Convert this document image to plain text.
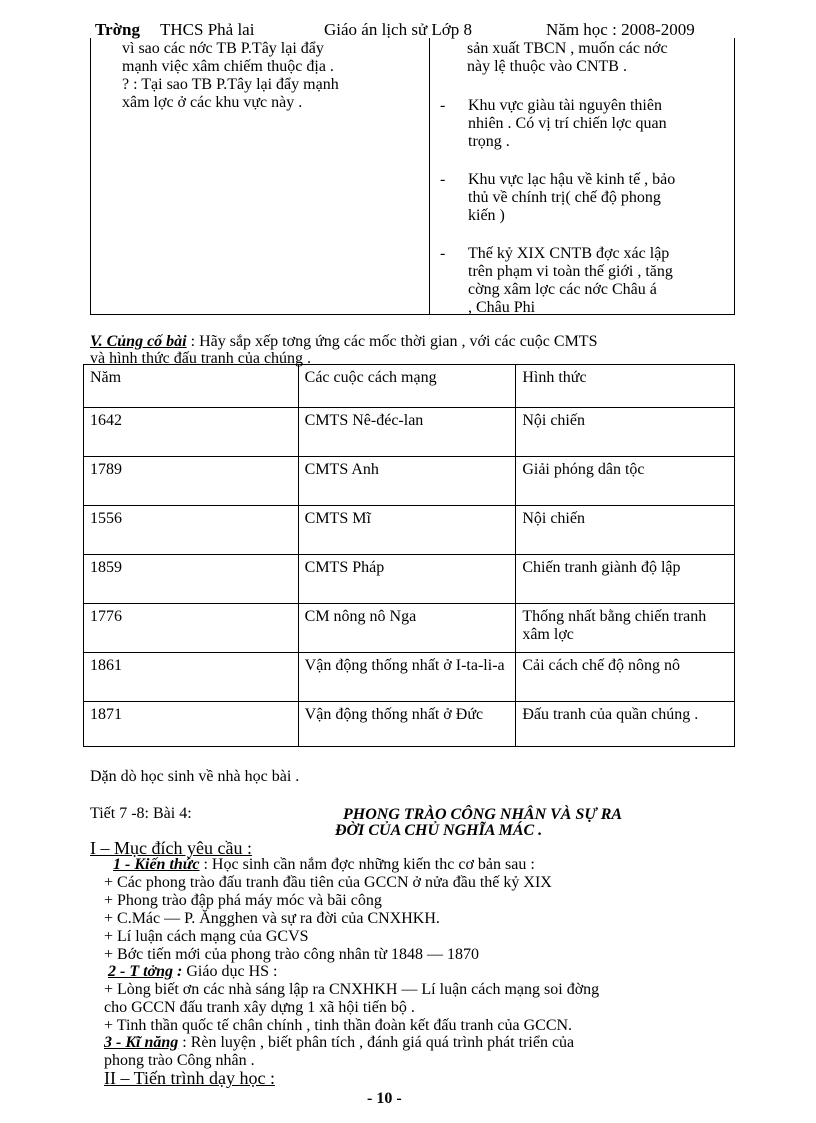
Trờng THCS Phả lai	Giáo án lịch sử Lớp 8	Năm học : 2008-2009
vì sao các nớc TB P.Tây lại đẩy
mạnh việc xâm chiếm thuộc địa .
? : Tại sao TB P.Tây lại đẩy mạnh
xâm lợc ở các khu vực này .
sản xuất TBCN , muốn các nớc
này lệ thuộc vào CNTB .
- Khu vực giàu tài nguyên thiên
nhiên . Có vị trí chiến lợc quan
trọng .
- Khu vực lạc hậu về kinh tế , bảo
thủ về chính trị( chế độ phong
kiến )
- Thế kỷ XIX CNTB đợc xác lập
trên phạm vi toàn thế giới , tăng
cờng xâm lợc các nớc Châu á
, Châu Phi
V. Củng cố bài : Hãy sắp xếp tơng ứng các mốc thời gian , với các cuộc CMTS
và hình thức đấu tranh của chúng .
Năm	Các cuộc cách mạng	Hình thức
1642	CMTS Nê-đéc-lan	Nội chiến
1789	CMTS Anh	Giải phóng dân tộc
1556	CMTS Mĩ	Nội chiến
1859	CMTS Pháp	Chiến tranh giành độ lập
1776	CM nông nô Nga	Thống nhất bằng chiến tranh xâm lợc
1861	Vận động thống nhất ở I-ta-li-a	Cải cách chế độ nông nô
1871	Vận động thống nhất ở Đức	Đấu tranh của quần chúng .
Dặn dò học sinh về nhà học bài .
Tiết 7 -8: Bài 4:	PHONG TRÀO CÔNG NHÂN VÀ SỰ RA
ĐỜI CỦA CHỦ NGHĨA MÁC .
I – Mục đích yêu cầu :
1 - Kiến thức : Học sinh cần nắm đợc những kiến thc cơ bản sau :
+ Các phong trào đấu tranh đầu tiên của GCCN ở nửa đầu thế kỷ XIX
+ Phong trào đập phá máy móc và bãi công
+ C.Mác — P. Ăngghen và sự ra đời của CNXHKH.
+ Lí luận cách mạng của GCVS
+ Bớc tiến mới của phong trào công nhân từ 1848 — 1870
2 - T tởng : Giáo dục HS :
+ Lòng biết ơn các nhà sáng lập ra CNXHKH — Lí luận cách mạng soi đờng
cho GCCN đấu tranh xây dựng 1 xã hội tiến bộ .
+ Tinh thần quốc tế chân chính , tinh thần đoàn kết đấu tranh của GCCN.
3 - Kĩ năng : Rèn luyện , biết phân tích , đánh giá quá trình phát triển của
phong trào Công nhân .
II – Tiến trình dạy học :
- 10 -
